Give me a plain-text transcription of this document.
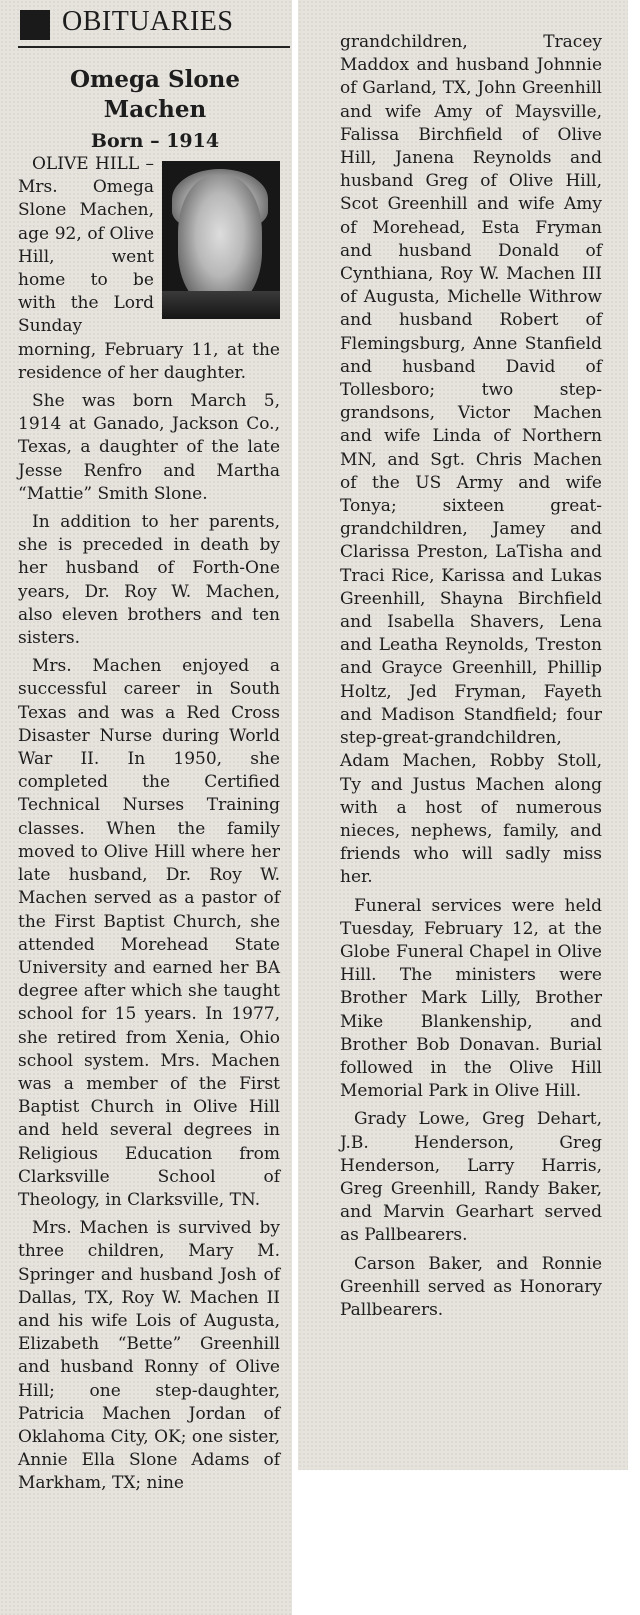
OBITUARIES
Omega Slone
Machen
Born – 1914

OLIVE HILL – Mrs. Omega Slone Machen, age 92, of Olive Hill, went home to be with the Lord Sunday morning, February 11, at the residence of her daughter.

She was born March 5, 1914 at Ganado, Jackson Co., Texas, a daughter of the late Jesse Renfro and Martha “Mattie” Smith Slone.

In addition to her parents, she is preceded in death by her husband of Forth-One years, Dr. Roy W. Machen, also eleven brothers and ten sisters.

Mrs. Machen enjoyed a successful career in South Texas and was a Red Cross Disaster Nurse during World War II. In 1950, she completed the Certified Technical Nurses Training classes. When the family moved to Olive Hill where her late husband, Dr. Roy W. Machen served as a pastor of the First Baptist Church, she attended Morehead State University and earned her BA degree after which she taught school for 15 years. In 1977, she retired from Xenia, Ohio school system. Mrs. Machen was a member of the First Baptist Church in Olive Hill and held several degrees in Religious Education from Clarksville School of Theology, in Clarksville, TN.

Mrs. Machen is survived by three children, Mary M. Springer and husband Josh of Dallas, TX, Roy W. Machen II and his wife Lois of Augusta, Elizabeth “Bette” Greenhill and husband Ronny of Olive Hill; one step-daughter, Patricia Machen Jordan of Oklahoma City, OK; one sister, Annie Ella Slone Adams of Markham, TX; nine

grandchildren, Tracey Maddox and husband Johnnie of Garland, TX, John Greenhill and wife Amy of Maysville, Falissa Birchfield of Olive Hill, Janena Reynolds and husband Greg of Olive Hill, Scot Greenhill and wife Amy of Morehead, Esta Fryman and husband Donald of Cynthiana, Roy W. Machen III of Augusta, Michelle Withrow and husband Robert of Flemingsburg, Anne Stanfield and husband David of Tollesboro; two step-grandsons, Victor Machen and wife Linda of Northern MN, and Sgt. Chris Machen of the US Army and wife Tonya; sixteen great-grandchildren, Jamey and Clarissa Preston, LaTisha and Traci Rice, Karissa and Lukas Greenhill, Shayna Birchfield and Isabella Shavers, Lena and Leatha Reynolds, Treston and Grayce Greenhill, Phillip Holtz, Jed Fryman, Fayeth and Madison Standfield; four step-great-grandchildren, Adam Machen, Robby Stoll, Ty and Justus Machen along with a host of numerous nieces, nephews, family, and friends who will sadly miss her.

Funeral services were held Tuesday, February 12, at the Globe Funeral Chapel in Olive Hill. The ministers were Brother Mark Lilly, Brother Mike Blankenship, and Brother Bob Donavan. Burial followed in the Olive Hill Memorial Park in Olive Hill.

Grady Lowe, Greg Dehart, J.B. Henderson, Greg Henderson, Larry Harris, Greg Greenhill, Randy Baker, and Marvin Gearhart served as Pallbearers.

Carson Baker, and Ronnie Greenhill served as Honorary Pallbearers.
